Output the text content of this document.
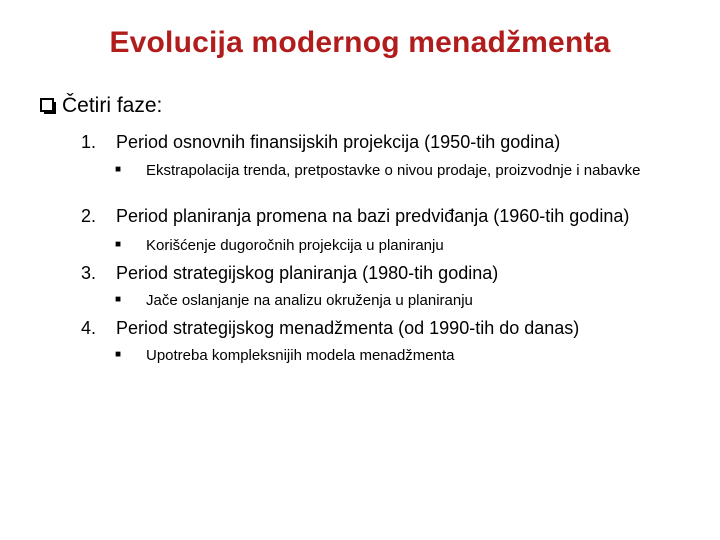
Evolucija modernog menadžmenta
Četiri faze:
1.	Period osnovnih finansijskih projekcija (1950-tih godina)
■	Ekstrapolacija trenda, pretpostavke o nivou prodaje, proizvodnje i nabavke
2.	Period planiranja promena na bazi predviđanja (1960-tih godina)
■	Korišćenje dugoročnih projekcija u planiranju
3.	Period strategijskog planiranja (1980-tih godina)
■	Jače oslanjanje na analizu okruženja u planiranju
4.	Period strategijskog menadžmenta (od 1990-tih do danas)
■	Upotreba kompleksnijih modela menadžmenta
